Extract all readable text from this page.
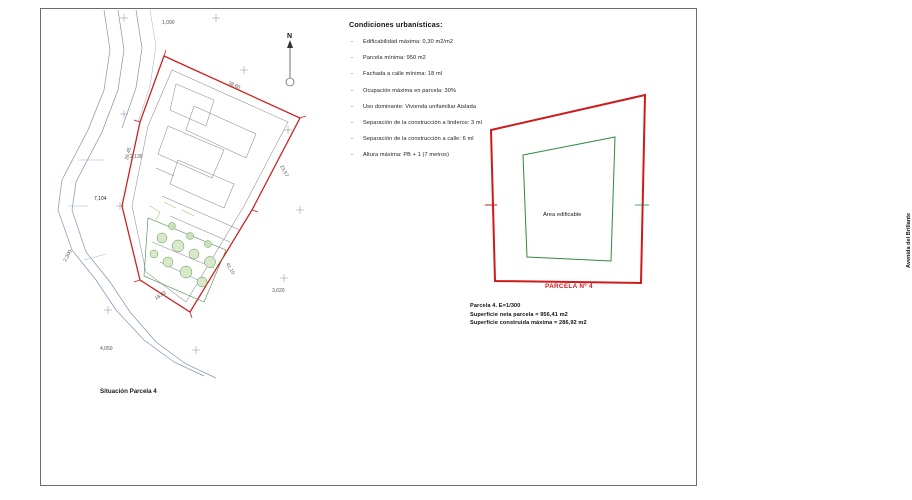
38,60
23,57
41,10
18,02
26,45
1,090
2,130
2,300
3,020
4,050
N
Situación Parcela 4
7,104
Condiciones urbanísticas:
- Edificabilidad máxima: 0,30 m2/m2
- Parcela mínima: 950 m2
- Fachada a calle mínima: 18 ml
- Ocupación máxima en parcela: 30%
- Uso dominante: Vivienda unifamiliar Aislada
- Separación de la construcción a linderos: 3 ml
- Separación de la construcción a calle: 6 ml
- Altura máxima: PB + 1 (7 metros)
Avenida del Brillante
Área edificable
PARCELA Nº 4
Parcela 4. E=1/300
Superficie neta parcela = 956,41 m2
Superficie construida máxima = 286,92 m2
